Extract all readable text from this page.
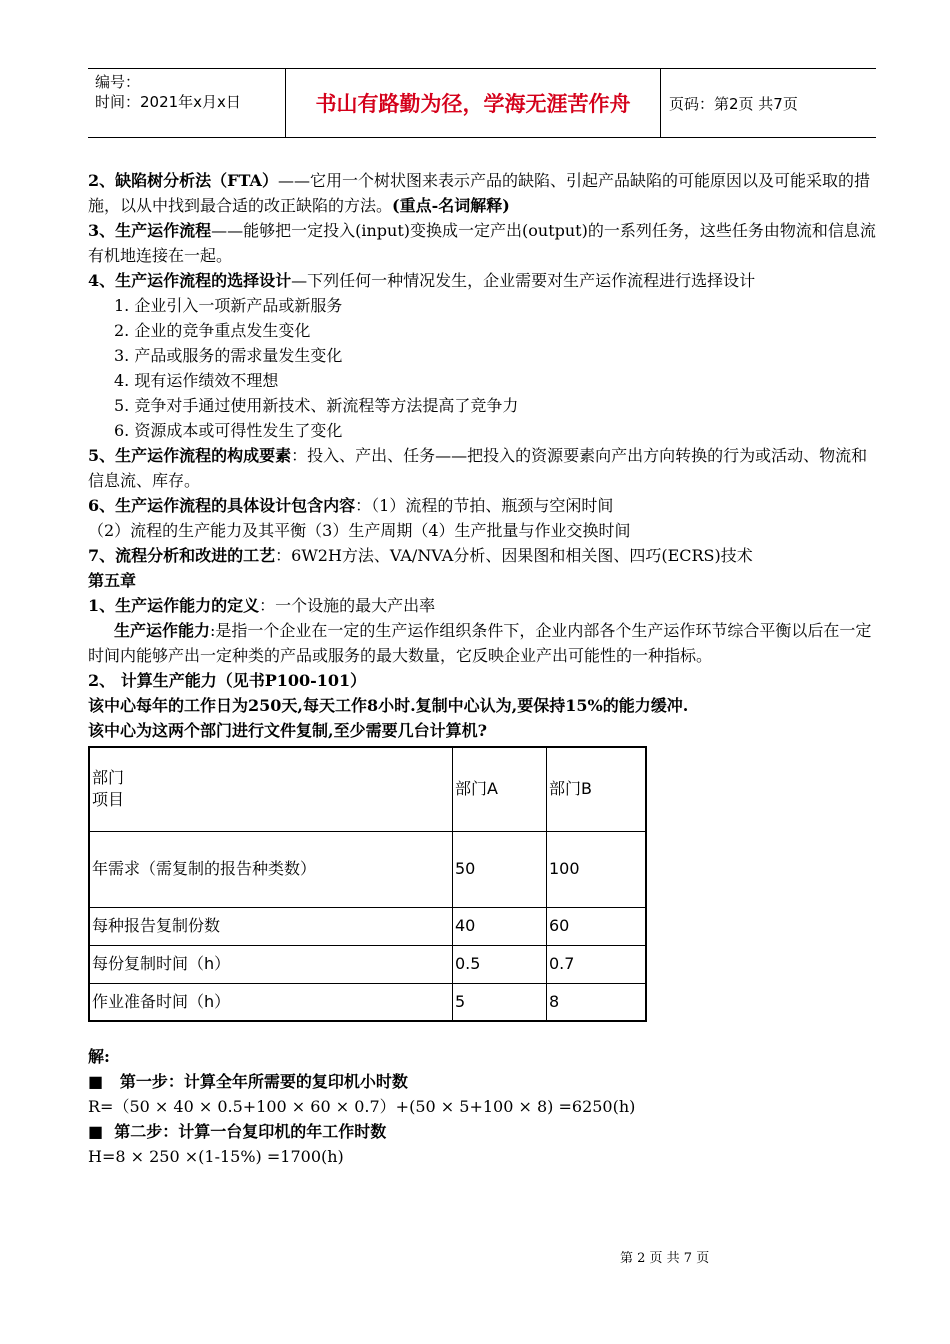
编号：
时间：2021年x月x日	书山有路勤为径，学海无涯苦作舟	页码：第2页 共7页

2、缺陷树分析法（FTA）——它用一个树状图来表示产品的缺陷、引起产品缺陷的可能原因以及可能采取的措施，以从中找到最合适的改正缺陷的方法。(重点-名词解释)

3、生产运作流程——能够把一定投入(input)变换成一定产出(output)的一系列任务，这些任务由物流和信息流有机地连接在一起。

4、生产运作流程的选择设计—下列任何一种情况发生，企业需要对生产运作流程进行选择设计

1. 企业引入一项新产品或新服务

2. 企业的竞争重点发生变化

3. 产品或服务的需求量发生变化

4. 现有运作绩效不理想

5. 竞争对手通过使用新技术、新流程等方法提高了竞争力

6. 资源成本或可得性发生了变化

5、生产运作流程的构成要素：投入、产出、任务——把投入的资源要素向产出方向转换的行为或活动、物流和信息流、库存。

6、生产运作流程的具体设计包含内容：（1）流程的节拍、瓶颈与空闲时间

（2）流程的生产能力及其平衡（3）生产周期（4）生产批量与作业交换时间

7、流程分析和改进的工艺：6W2H方法、VA/NVA分析、因果图和相关图、四巧(ECRS)技术

第五章

1、生产运作能力的定义：一个设施的最大产出率

生产运作能力:是指一个企业在一定的生产运作组织条件下，企业内部各个生产运作环节综合平衡以后在一定时间内能够产出一定种类的产品或服务的最大数量，它反映企业产出可能性的一种指标。

2、 计算生产能力（见书P100-101）

该中心每年的工作日为250天,每天工作8小时.复制中心认为,要保持15%的能力缓冲.

该中心为这两个部门进行文件复制,至少需要几台计算机?

部门
项目	部门A	部门B
年需求（需复制的报告种类数）	50	100
每种报告复制份数	40	60
每份复制时间（h）	0.5	0.7
作业准备时间（h）	5	8

解:

■ 第一步：计算全年所需要的复印机小时数

R=（50 × 40 × 0.5+100 × 60 × 0.7）+(50 × 5+100 × 8) =6250(h)

■ 第二步：计算一台复印机的年工作时数

H=8 × 250 ×(1-15%) =1700(h)

第 2 页 共 7 页
